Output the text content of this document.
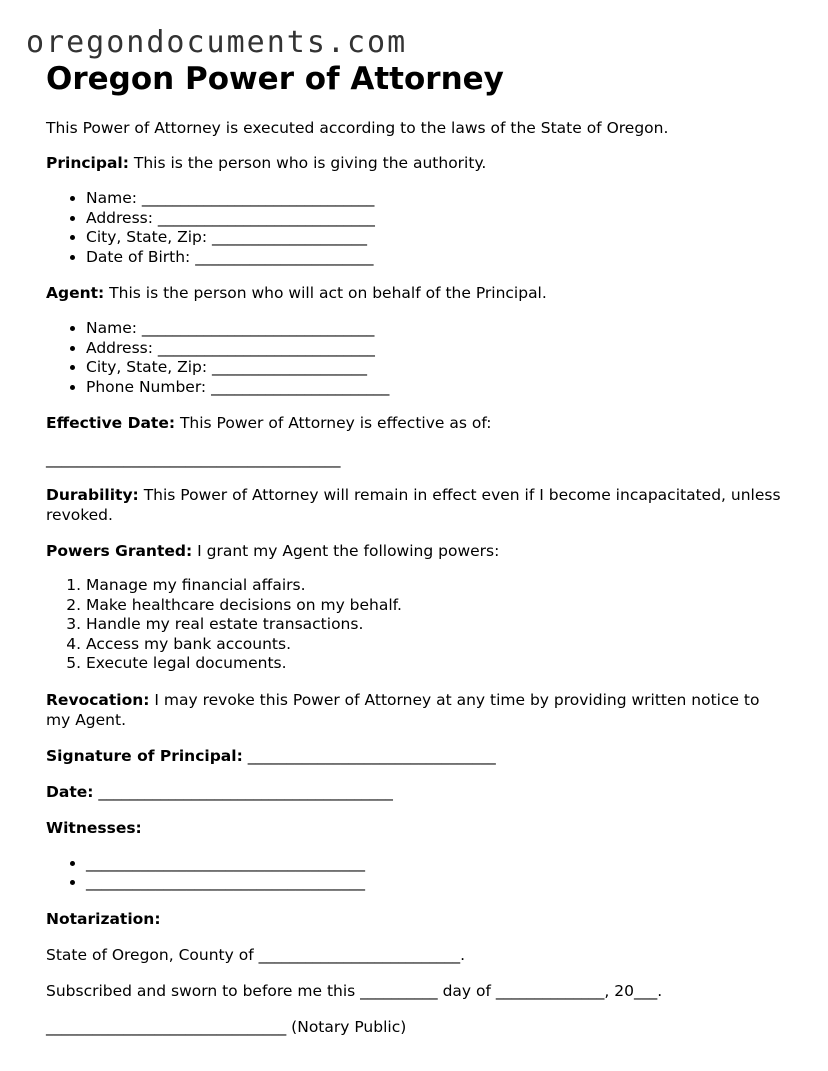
oregondocuments.com
Oregon Power of Attorney

This Power of Attorney is executed according to the laws of the State of Oregon.

Principal: This is the person who is giving the authority.

• Name: ______________________________
• Address: ____________________________
• City, State, Zip: ____________________
• Date of Birth: _______________________

Agent: This is the person who will act on behalf of the Principal.

• Name: ______________________________
• Address: ____________________________
• City, State, Zip: ____________________
• Phone Number: _______________________

Effective Date: This Power of Attorney is effective as of:

______________________________________

Durability: This Power of Attorney will remain in effect even if I become incapacitated, unless revoked.

Powers Granted: I grant my Agent the following powers:

1. Manage my financial affairs.
2. Make healthcare decisions on my behalf.
3. Handle my real estate transactions.
4. Access my bank accounts.
5. Execute legal documents.

Revocation: I may revoke this Power of Attorney at any time by providing written notice to my Agent.

Signature of Principal: ________________________________

Date: ______________________________________

Witnesses:

• ____________________________________
• ____________________________________

Notarization:

State of Oregon, County of __________________________.

Subscribed and sworn to before me this __________ day of ______________, 20___.

_______________________________ (Notary Public)
